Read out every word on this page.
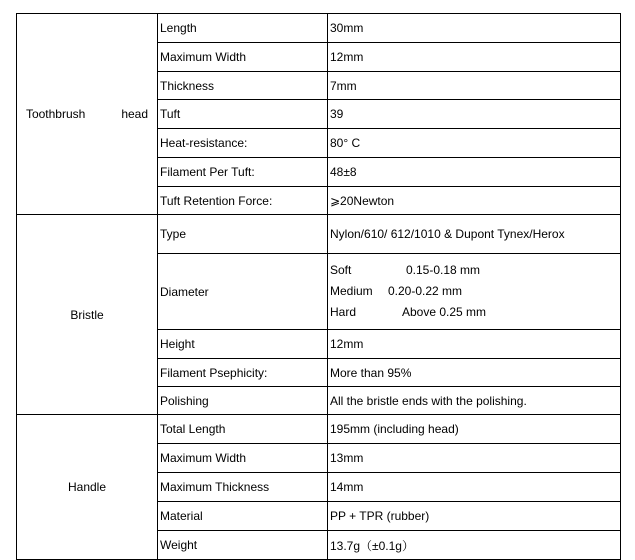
Toothbrush head	Length	30mm
	Maximum Width	12mm
	Thickness	7mm
	Tuft	39
	Heat-resistance:	80° C
	Filament Per Tuft:	48±8
	Tuft Retention Force:	⩾20Newton
Bristle	Type	Nylon/610/ 612/1010 & Dupont Tynex/Herox
	Diameter	Soft 0.15-0.18 mm
Medium 0.20-0.22 mm
Hard Above 0.25 mm

	Height	12mm
	Filament Psephicity:	More than 95%
	Polishing	All the bristle ends with the polishing.
Handle	Total Length	195mm (including head)
	Maximum Width	13mm
	Maximum Thickness	14mm
	Material	PP + TPR (rubber)
	Weight	13.7g（±0.1g）
